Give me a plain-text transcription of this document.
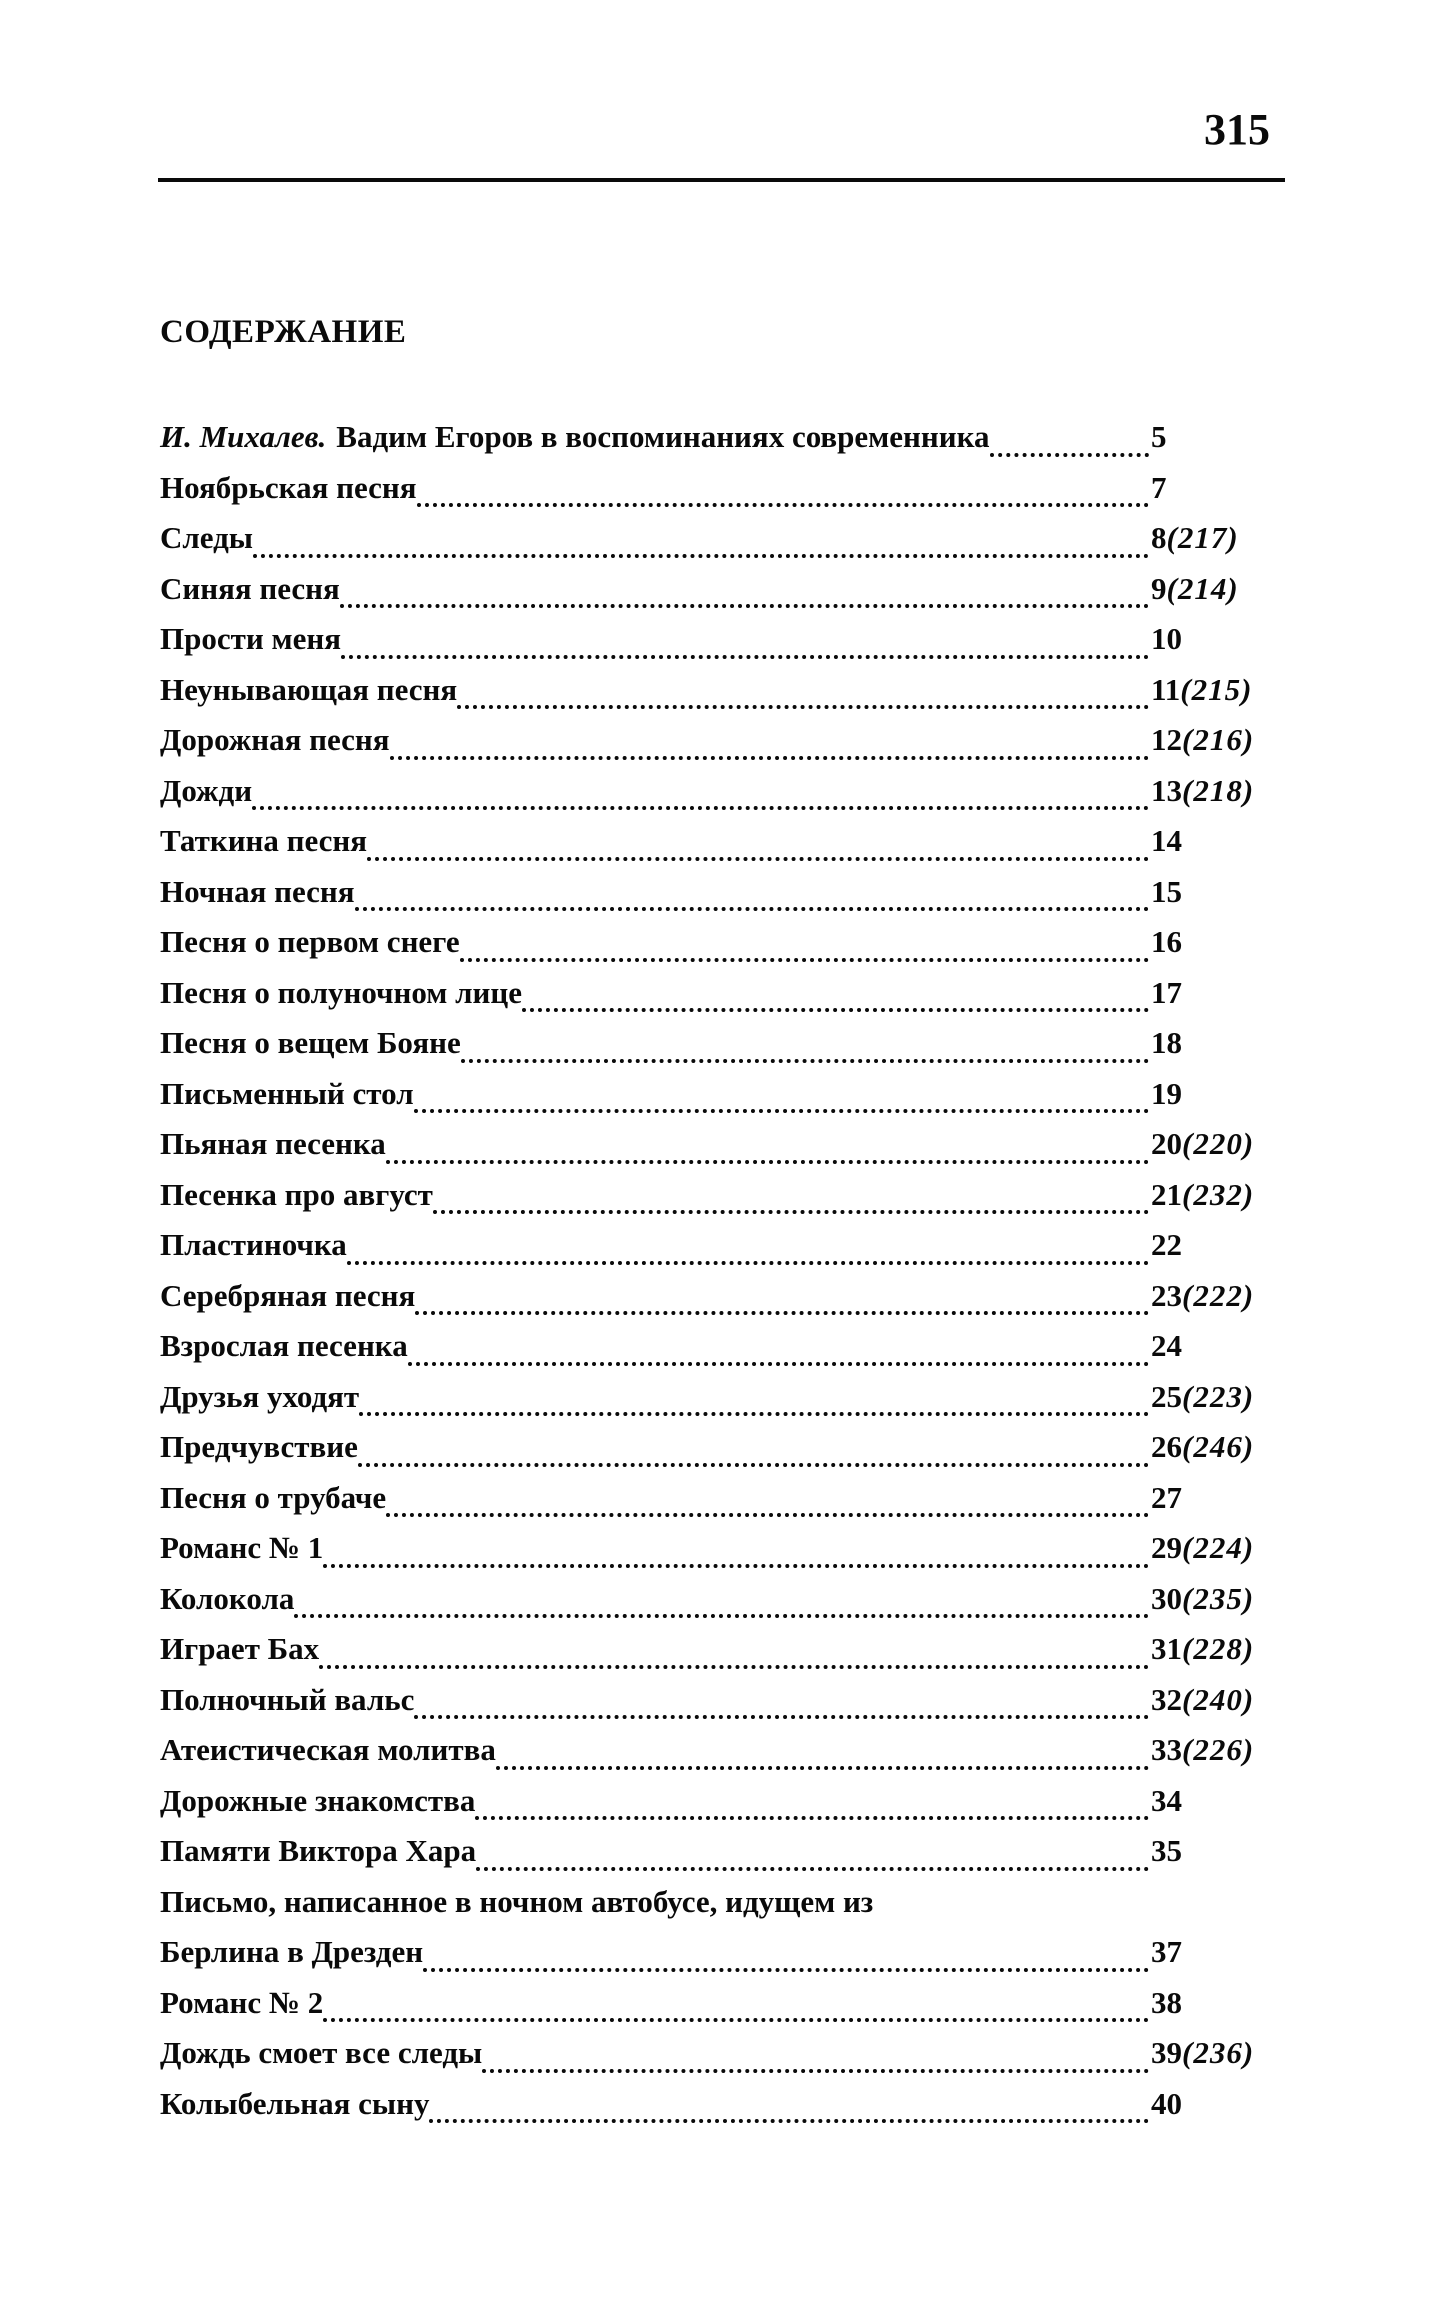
315
СОДЕРЖАНИЕ
И. Михалев. Вадим Егоров в воспоминаниях современника	5
Ноябрьская песня	7
Следы	8(217)
Синяя песня	9(214)
Прости меня	10
Неунывающая песня	11(215)
Дорожная песня	12(216)
Дожди	13(218)
Таткина песня	14
Ночная песня	15
Песня о первом снеге	16
Песня о полуночном лице	17
Песня о вещем Бояне	18
Письменный стол	19
Пьяная песенка	20(220)
Песенка про август	21(232)
Пластиночка	22
Серебряная песня	23(222)
Взрослая песенка	24
Друзья уходят	25(223)
Предчувствие	26(246)
Песня о трубаче	27
Романс № 1	29(224)
Колокола	30(235)
Играет Бах	31(228)
Полночный вальс	32(240)
Атеистическая молитва	33(226)
Дорожные знакомства	34
Памяти Виктора Хара	35
Письмо, написанное в ночном автобусе, идущем из
Берлина в Дрезден	37
Романс № 2	38
Дождь смоет все следы	39(236)
Колыбельная сыну	40
